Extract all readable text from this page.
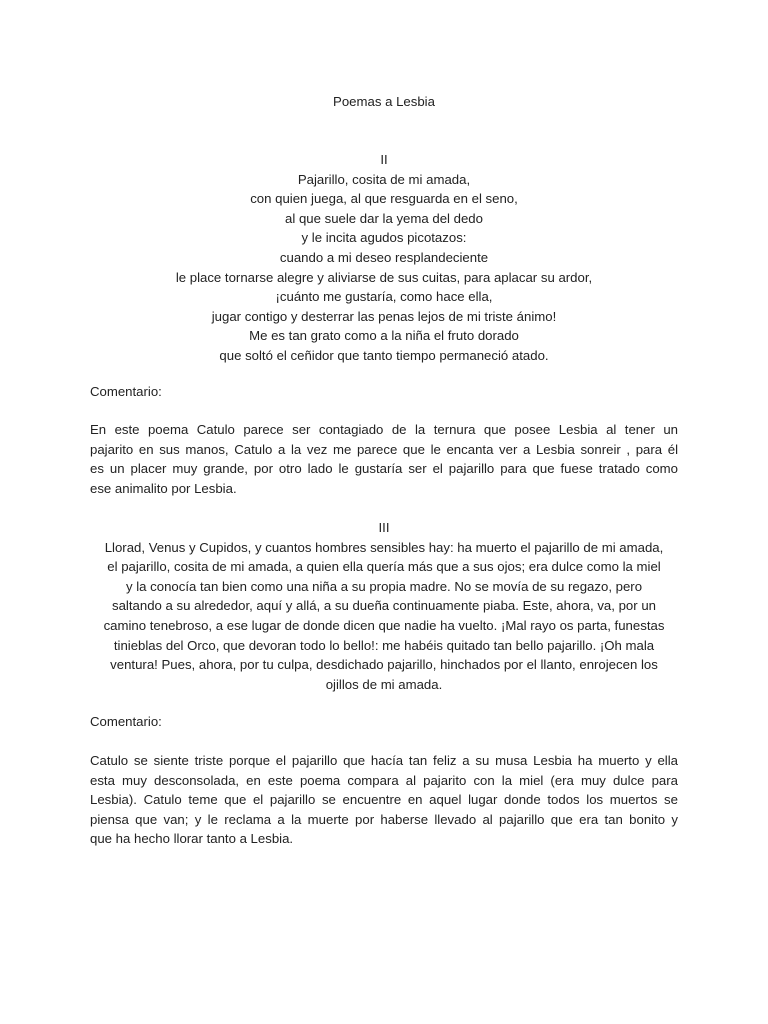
Poemas a Lesbia
II
Pajarillo, cosita de mi amada,
con quien juega, al que resguarda en el seno,
al que suele dar la yema del dedo
y le incita agudos picotazos:
cuando a mi deseo resplandeciente
le place tornarse alegre y aliviarse de sus cuitas, para aplacar su ardor,
¡cuánto me gustaría, como hace ella,
jugar contigo y desterrar las penas lejos de mi triste ánimo!
Me es tan grato como a la niña el fruto dorado
que soltó el ceñidor que tanto tiempo permaneció atado.
Comentario:
En este poema Catulo parece ser contagiado de la ternura que posee Lesbia al tener un
pajarito en sus manos, Catulo a la vez me parece que le encanta ver a Lesbia sonreir , para él
es un placer muy grande, por otro lado le gustaría ser el pajarillo para que fuese tratado como
ese animalito por Lesbia.
III
Llorad, Venus y Cupidos, y cuantos hombres sensibles hay: ha muerto el pajarillo de mi amada,
el pajarillo, cosita de mi amada, a quien ella quería más que a sus ojos; era dulce como la miel
y la conocía tan bien como una niña a su propia madre. No se movía de su regazo, pero
saltando a su alrededor, aquí y allá, a su dueña continuamente piaba. Este, ahora, va, por un
camino tenebroso, a ese lugar de donde dicen que nadie ha vuelto. ¡Mal rayo os parta, funestas
tinieblas del Orco, que devoran todo lo bello!: me habéis quitado tan bello pajarillo. ¡Oh mala
ventura! Pues, ahora, por tu culpa, desdichado pajarillo, hinchados por el llanto, enrojecen los
ojillos de mi amada.
Comentario:
Catulo se siente triste porque el pajarillo que hacía tan feliz a su musa Lesbia ha muerto y ella
esta muy desconsolada, en este poema compara al pajarito con la miel (era muy dulce para
Lesbia). Catulo teme que el pajarillo se encuentre en aquel lugar donde todos los muertos se
piensa que van; y le reclama a la muerte por haberse llevado al pajarillo que era tan bonito y
que ha hecho llorar tanto a Lesbia.
